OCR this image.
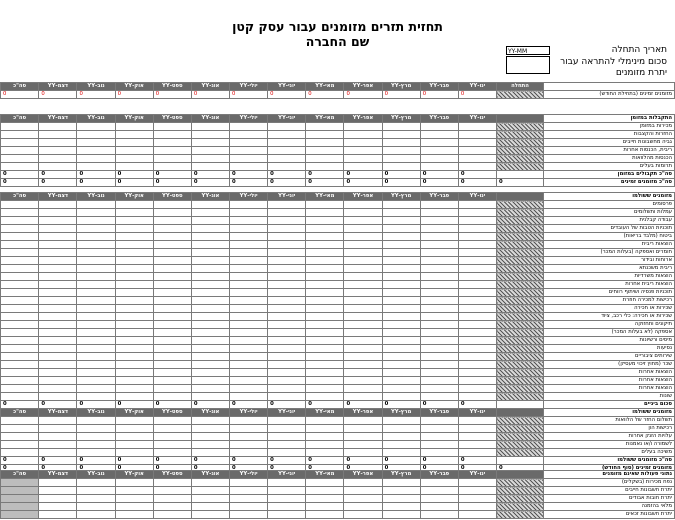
תחזית תזרים מזומנים עבור עסק קטן
שם החברה
תאריך התחלה
סכום מינימלי להתראה עבור
יתרת מזומנים
YY-MM
	התחלה	ינו-YY	פבר-YY	מרץ-YY	אפר-YY	מאי-YY	יוני-YY	יולי-YY	אוג-YY	ספט-YY	אוק-YY	נוב-YY	דצמ-YY	סה"כ
מזומנים זמינים (בתחילת החודש)		0	0	0	0	0	0	0	0	0	0	0	0	0
התקבלות במזומן		ינו-YY	פבר-YY	מרץ-YY	אפר-YY	מאי-YY	יוני-YY	יולי-YY	אוג-YY	ספט-YY	אוק-YY	נוב-YY	דצמ-YY	סה"כ
מכירות במזומן														
החזרות והקצבות														
גביה מחשבונות חייבים														
ריבית, הכנסות אחרות														
הכנסות מהלוואות														
תרומות בעלים														
סה"כ תקבולים במזומן		0	0	0	0	0	0	0	0	0	0	0	0	0
סה"כ מזומנים זמינים	0	0	0	0	0	0	0	0	0	0	0	0	0	0
מזומנים ששולמו		ינו-YY	פבר-YY	מרץ-YY	אפר-YY	מאי-YY	יוני-YY	יולי-YY	אוג-YY	ספט-YY	אוק-YY	נוב-YY	דצמ-YY	סה"כ
פרסומים														
עמלות ותשלומים														
עבודה קבלנית														
תוכניות הטבות של העובדים														
ביטוח (מלבד בריאות)														
הוצאות ריבית														
חומרים ואספקה (בעלות המכר)														
ארוחות ובידור														
ריבית משכנתא														
הוצאות משרדיות														
הוצאות ריבית אחרות														
תוכניות פנסיה ושיתוף רווחים														
רכישות למכירה חוזרת														
שכירות או חכירה														
שכירות או חכירה: כלי רכב, ציוד														
תיקונים ותחזוקה														
אספקה (לא בעלות המכר)														
מיסים ורשיונות														
נסיעות														
שירותים ציבוריים														
שכר (מחוץ זיכוי מעסיק)														
הוצאות אחרות														
הוצאות אחרות														
הוצאות אחרות														
שונות														
סכום ביניים		0	0	0	0	0	0	0	0	0	0	0	0	0
מזומנים ששולמו		ינו-YY	פבר-YY	מרץ-YY	אפר-YY	מאי-YY	יוני-YY	יולי-YY	אוג-YY	ספט-YY	אוק-YY	נוב-YY	דצמ-YY	סה"כ
תשלום החזר של הלוואות														
רכישות הון														
עלויות הזנק אחרות														
לשמורה ו/או נאמנות														
משיכה בעלים														
סה"כ מזומנים ששולמו		0	0	0	0	0	0	0	0	0	0	0	0	0
מזומנים זמינים (סוף החודש)	0	0	0	0	0	0	0	0	0	0	0	0	0	0
נתוני פעולות שאינם מזומנים		ינו-YY	פבר-YY	מרץ-YY	אפר-YY	מאי-YY	יוני-YY	יולי-YY	אוג-YY	ספט-YY	אוק-YY	נוב-YY	דצמ-YY	סה"כ
נפח מכירות (בשקלים)														
יתרת חשבונות חייבים														
יתרת חובות אבודים														
מלאי בהזמנה														
יתרת חשבונות זכאים														
